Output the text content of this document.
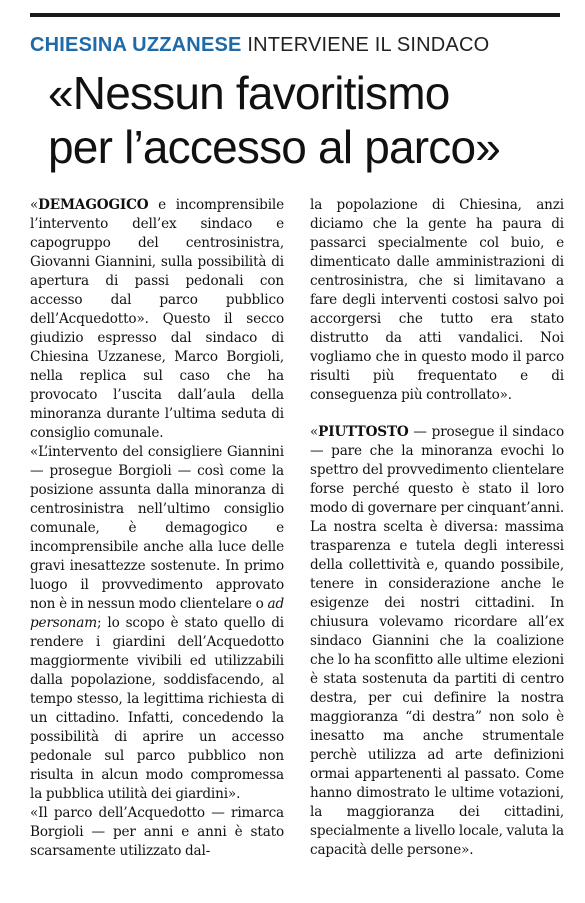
CHIESINA UZZANESE INTERVIENE IL SINDACO
«Nessun favoritismo
per l’accesso al parco»

«DEMAGOGICO e incomprensibile l’intervento dell’ex sindaco e capogruppo del centrosinistra, Giovanni Giannini, sulla possibilità di apertura di passi pedonali con accesso dal parco pubblico dell’Acquedotto». Questo il secco giudizio espresso dal sindaco di Chiesina Uzzanese, Marco Borgioli, nella replica sul caso che ha provocato l’uscita dall’aula della minoranza durante l’ultima seduta di consiglio comunale.

«L’intervento del consigliere Giannini — prosegue Borgioli — così come la posizione assunta dalla minoranza di centrosinistra nell’ultimo consiglio comunale, è demagogico e incomprensibile anche alla luce delle gravi inesattezze sostenute. In primo luogo il provvedimento approvato non è in nessun modo clientelare o ad personam; lo scopo è stato quello di rendere i giardini dell’Acquedotto maggiormente vivibili ed utilizzabili dalla popolazione, soddisfacendo, al tempo stesso, la legittima richiesta di un cittadino. Infatti, concedendo la possibilità di aprire un accesso pedonale sul parco pubblico non risulta in alcun modo compromessa la pubblica utilità dei giardini».

«Il parco dell’Acquedotto — rimarca Borgioli — per anni e anni è stato scarsamente utilizzato dal-

la popolazione di Chiesina, anzi diciamo che la gente ha paura di passarci specialmente col buio, e dimenticato dalle amministrazioni di centrosinistra, che si limitavano a fare degli interventi costosi salvo poi accorgersi che tutto era stato distrutto da atti vandalici. Noi vogliamo che in questo modo il parco risulti più frequentato e di conseguenza più controllato».

«PIUTTOSTO — prosegue il sindaco — pare che la minoranza evochi lo spettro del provvedimento clientelare forse perché questo è stato il loro modo di governare per cinquant’anni. La nostra scelta è diversa: massima trasparenza e tutela degli interessi della collettività e, quando possibile, tenere in considerazione anche le esigenze dei nostri cittadini. In chiusura volevamo ricordare all’ex sindaco Giannini che la coalizione che lo ha sconfitto alle ultime elezioni è stata sostenuta da partiti di centro destra, per cui definire la nostra maggioranza “di destra” non solo è inesatto ma anche strumentale perchè utilizza ad arte definizioni ormai appartenenti al passato. Come hanno dimostrato le ultime votazioni, la maggioranza dei cittadini, specialmente a livello locale, valuta la capacità delle persone».
